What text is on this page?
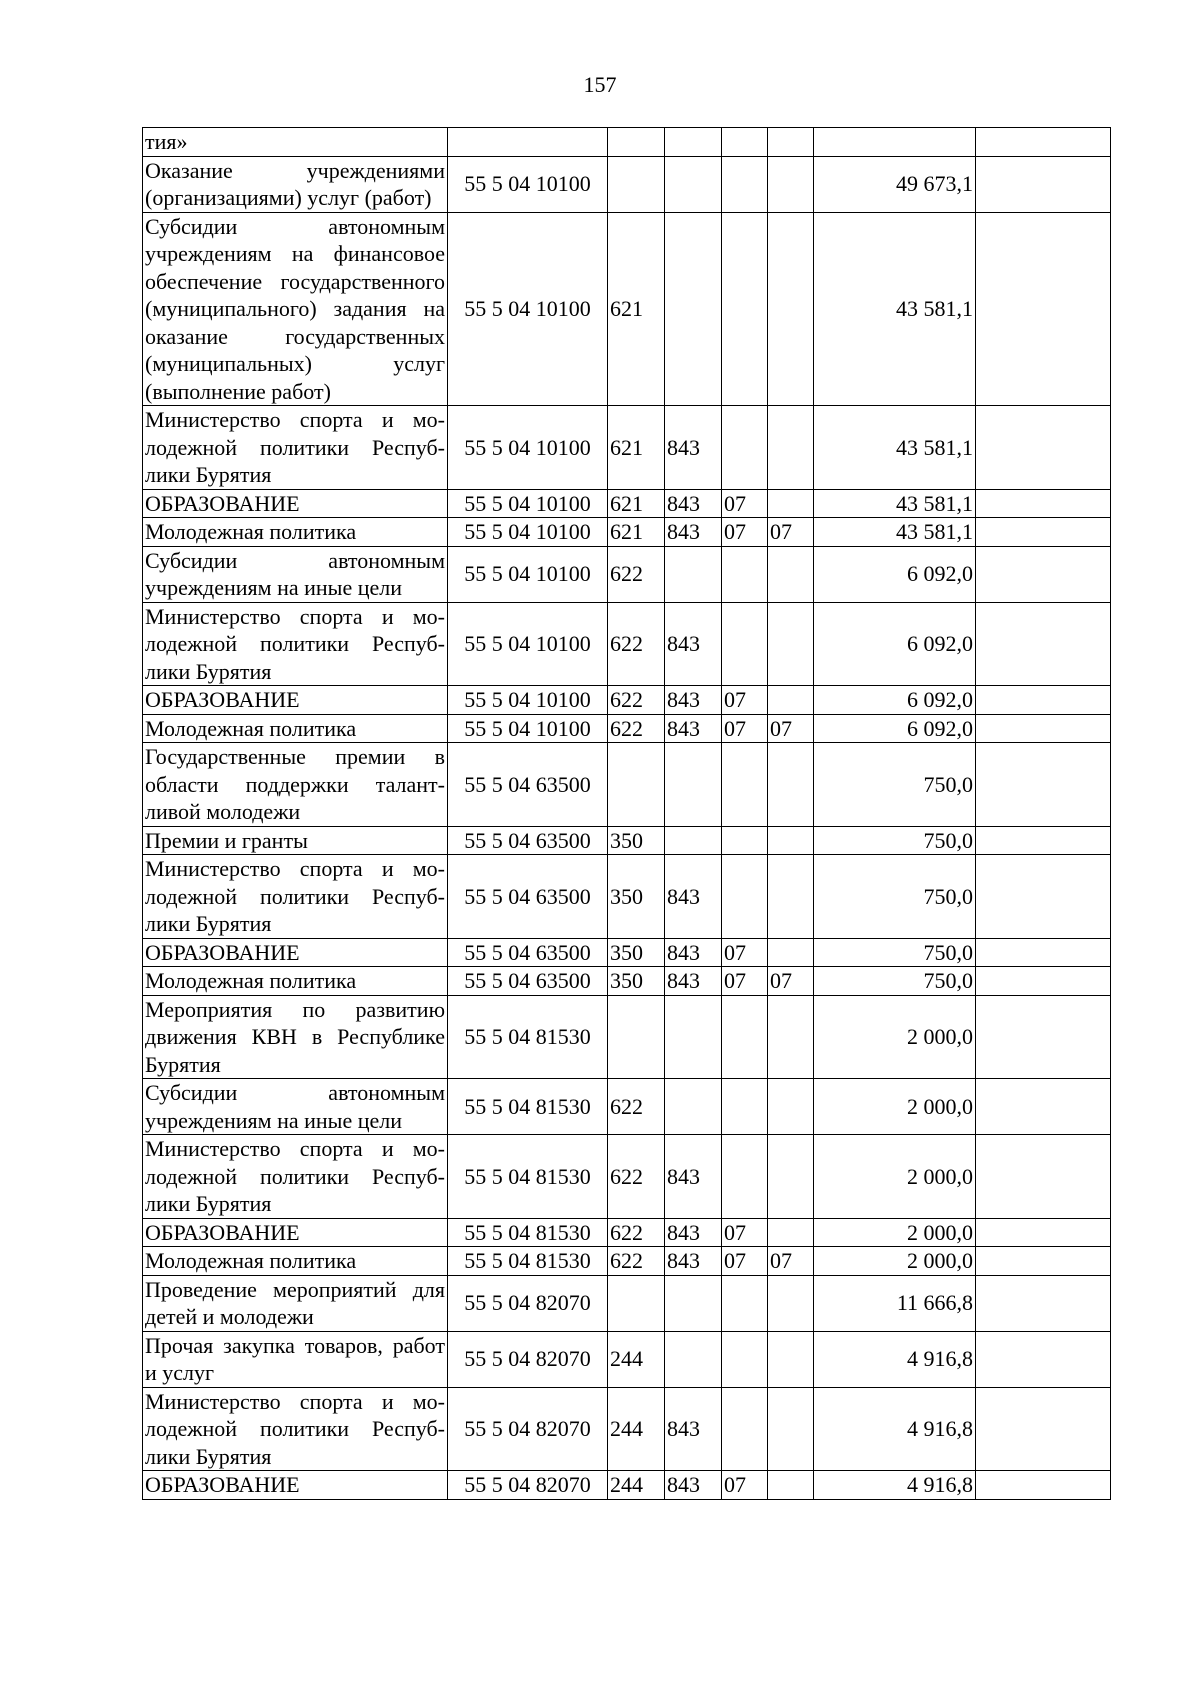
157
тия»							
Оказание учреждениями (организациями) услуг (работ)	55 5 04 10100					49 673,1	
Субсидии автономным учреждениям на финансовое обеспечение государственного (муниципального) задания на оказание государственных (муниципальных) услуг (выполнение работ)	55 5 04 10100	621				43 581,1	
Министерство спорта и молодежной политики Республики Бурятия	55 5 04 10100	621	843			43 581,1	
ОБРАЗОВАНИЕ	55 5 04 10100	621	843	07		43 581,1	
Молодежная политика	55 5 04 10100	621	843	07	07	43 581,1	
Субсидии автономным учреждениям на иные цели	55 5 04 10100	622				6 092,0	
Министерство спорта и молодежной политики Республики Бурятия	55 5 04 10100	622	843			6 092,0	
ОБРАЗОВАНИЕ	55 5 04 10100	622	843	07		6 092,0	
Молодежная политика	55 5 04 10100	622	843	07	07	6 092,0	
Государственные премии в области поддержки талантливой молодежи	55 5 04 63500					750,0	
Премии и гранты	55 5 04 63500	350				750,0	
Министерство спорта и молодежной политики Республики Бурятия	55 5 04 63500	350	843			750,0	
ОБРАЗОВАНИЕ	55 5 04 63500	350	843	07		750,0	
Молодежная политика	55 5 04 63500	350	843	07	07	750,0	
Мероприятия по развитию движения КВН в Республике Бурятия	55 5 04 81530					2 000,0	
Субсидии автономным учреждениям на иные цели	55 5 04 81530	622				2 000,0	
Министерство спорта и молодежной политики Республики Бурятия	55 5 04 81530	622	843			2 000,0	
ОБРАЗОВАНИЕ	55 5 04 81530	622	843	07		2 000,0	
Молодежная политика	55 5 04 81530	622	843	07	07	2 000,0	
Проведение мероприятий для детей и молодежи	55 5 04 82070					11 666,8	
Прочая закупка товаров, работ и услуг	55 5 04 82070	244				4 916,8	
Министерство спорта и молодежной политики Республики Бурятия	55 5 04 82070	244	843			4 916,8	
ОБРАЗОВАНИЕ	55 5 04 82070	244	843	07		4 916,8	
